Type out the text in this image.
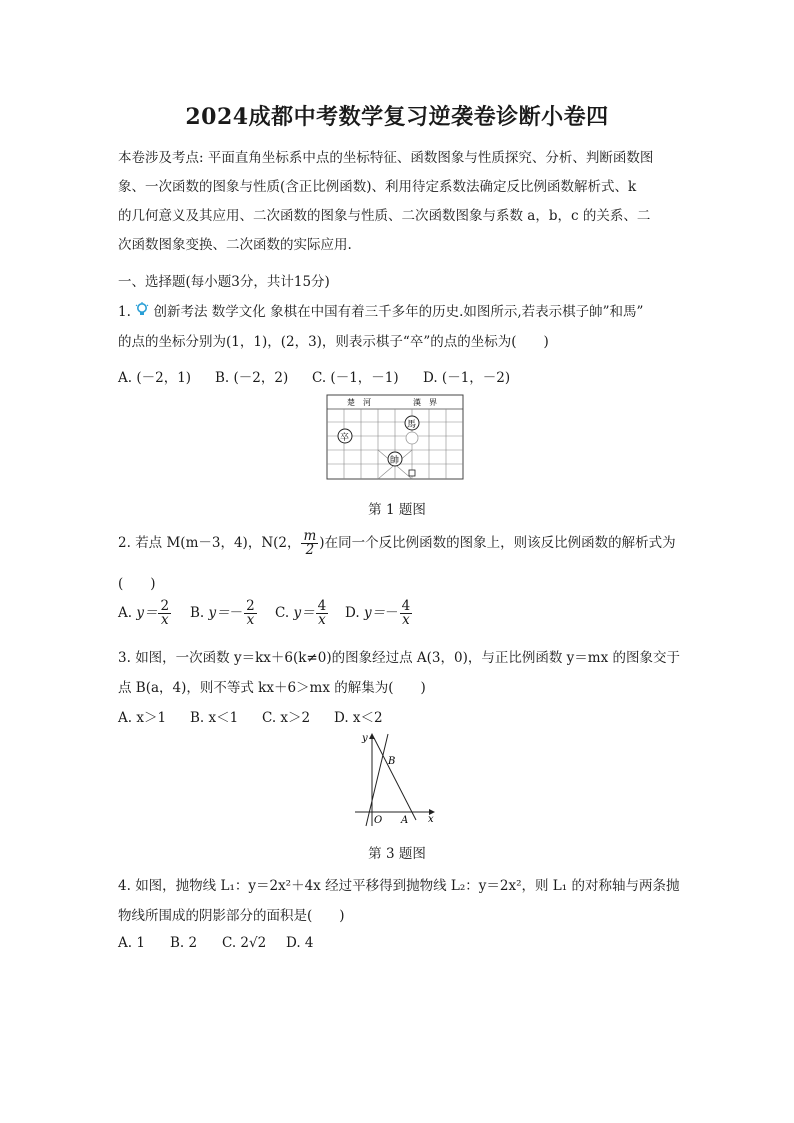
2024成都中考数学复习逆袭卷诊断小卷四
本卷涉及考点: 平面直角坐标系中点的坐标特征、函数图象与性质探究、分析、判断函数图
象、一次函数的图象与性质(含正比例函数)、利用待定系数法确定反比例函数解析式、k
的几何意义及其应用、二次函数的图象与性质、二次函数图象与系数 a，b，c 的关系、二
次函数图象变换、二次函数的实际应用.
一、选择题(每小题3分，共计15分)
1. 创新考法 数学文化 象棋在中国有着三千多年的历史.如图所示,若表示棋子帥”和馬”
的点的坐标分别为(1，1)，(2，3)，则表示棋子“卒”的点的坐标为(　　)
A. (－2，1) B. (－2，2) C. (－1，－1) D. (－1，－2)
楚　河	漢　界
卒
馬
帥
第 1 题图
2. 若点 M(m－3，4)，N(2， $\frac{m}{2}$ )在同一个反比例函数的图象上，则该反比例函数的解析式为
(　　)
A. $y= \frac{2}{x} B$. $y=- \frac{2}{x} C$. $y= \frac{4}{x} D$. $y=- \frac{4}{x}$
3. 如图，一次函数 y＝kx＋6(k≠0)的图象经过点 A(3，0)，与正比例函数 y＝mx 的图象交于
点 B(a，4)，则不等式 kx＋6＞mx 的解集为(　　)
A. x＞1 B. x＜1 C. x＞2 D. x＜2
y
x
O A
B
第 3 题图
4. 如图，抛物线 L₁：y＝2x²＋4x 经过平移得到抛物线 L₂：y＝2x²，则 L₁ 的对称轴与两条抛
物线所围成的阴影部分的面积是(　　)
A. 1 B. 2 C. 2√2 D. 4
